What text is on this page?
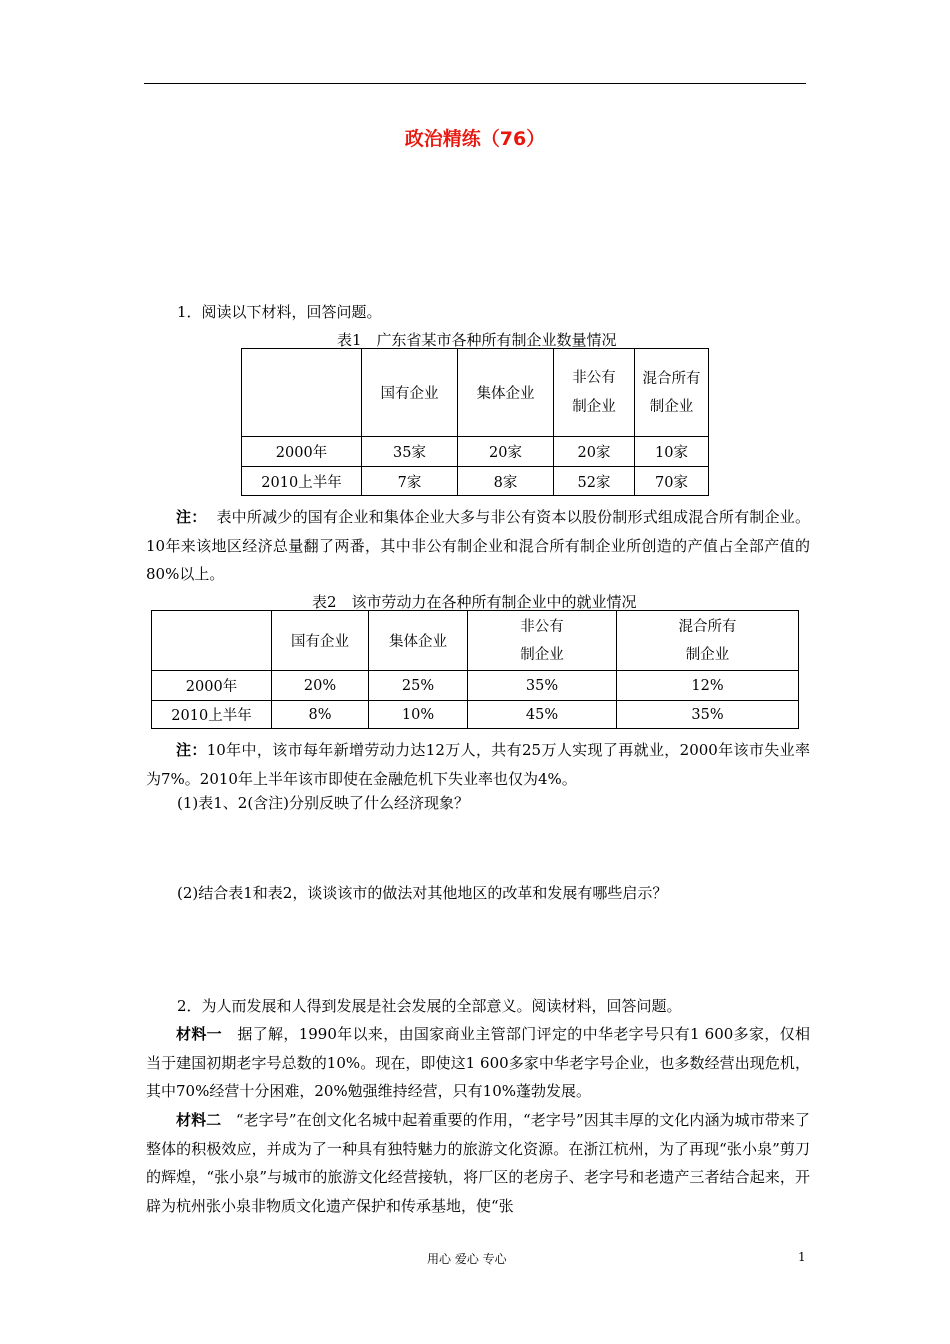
政治精练（76）
1．阅读以下材料，回答问题。
表1　广东省某市各种所有制企业数量情况
	国有企业	集体企业	非公有制企业	混合所有制企业

2000年	35家	20家	20家	10家
2010上半年	7家	8家	52家	70家
注： 表中所减少的国有企业和集体企业大多与非公有资本以股份制形式组成混合所有制企业。10年来该地区经济总量翻了两番，其中非公有制企业和混合所有制企业所创造的产值占全部产值的80%以上。
表2　该市劳动力在各种所有制企业中的就业情况
	国有企业	集体企业	非公有制企业	混合所有制企业

2000年	20%	25%	35%	12%
2010上半年	8%	10%	45%	35%
注：10年中，该市每年新增劳动力达12万人，共有25万人实现了再就业，2000年该市失业率为7%。2010年上半年该市即使在金融危机下失业率也仅为4%。
(1)表1、2(含注)分别反映了什么经济现象？
(2)结合表1和表2，谈谈该市的做法对其他地区的改革和发展有哪些启示？
2．为人而发展和人得到发展是社会发展的全部意义。阅读材料，回答问题。
材料一 据了解，1990年以来，由国家商业主管部门评定的中华老字号只有1 600多家，仅相当于建国初期老字号总数的10%。现在，即使这1 600多家中华老字号企业，也多数经营出现危机，其中70%经营十分困难，20%勉强维持经营，只有10%蓬勃发展。
材料二 “老字号”在创文化名城中起着重要的作用，“老字号”因其丰厚的文化内涵为城市带来了整体的积极效应，并成为了一种具有独特魅力的旅游文化资源。在浙江杭州，为了再现“张小泉”剪刀的辉煌，“张小泉”与城市的旅游文化经营接轨，将厂区的老房子、老字号和老遗产三者结合起来，开辟为杭州张小泉非物质文化遗产保护和传承基地，使“张
用心 爱心 专心	1
